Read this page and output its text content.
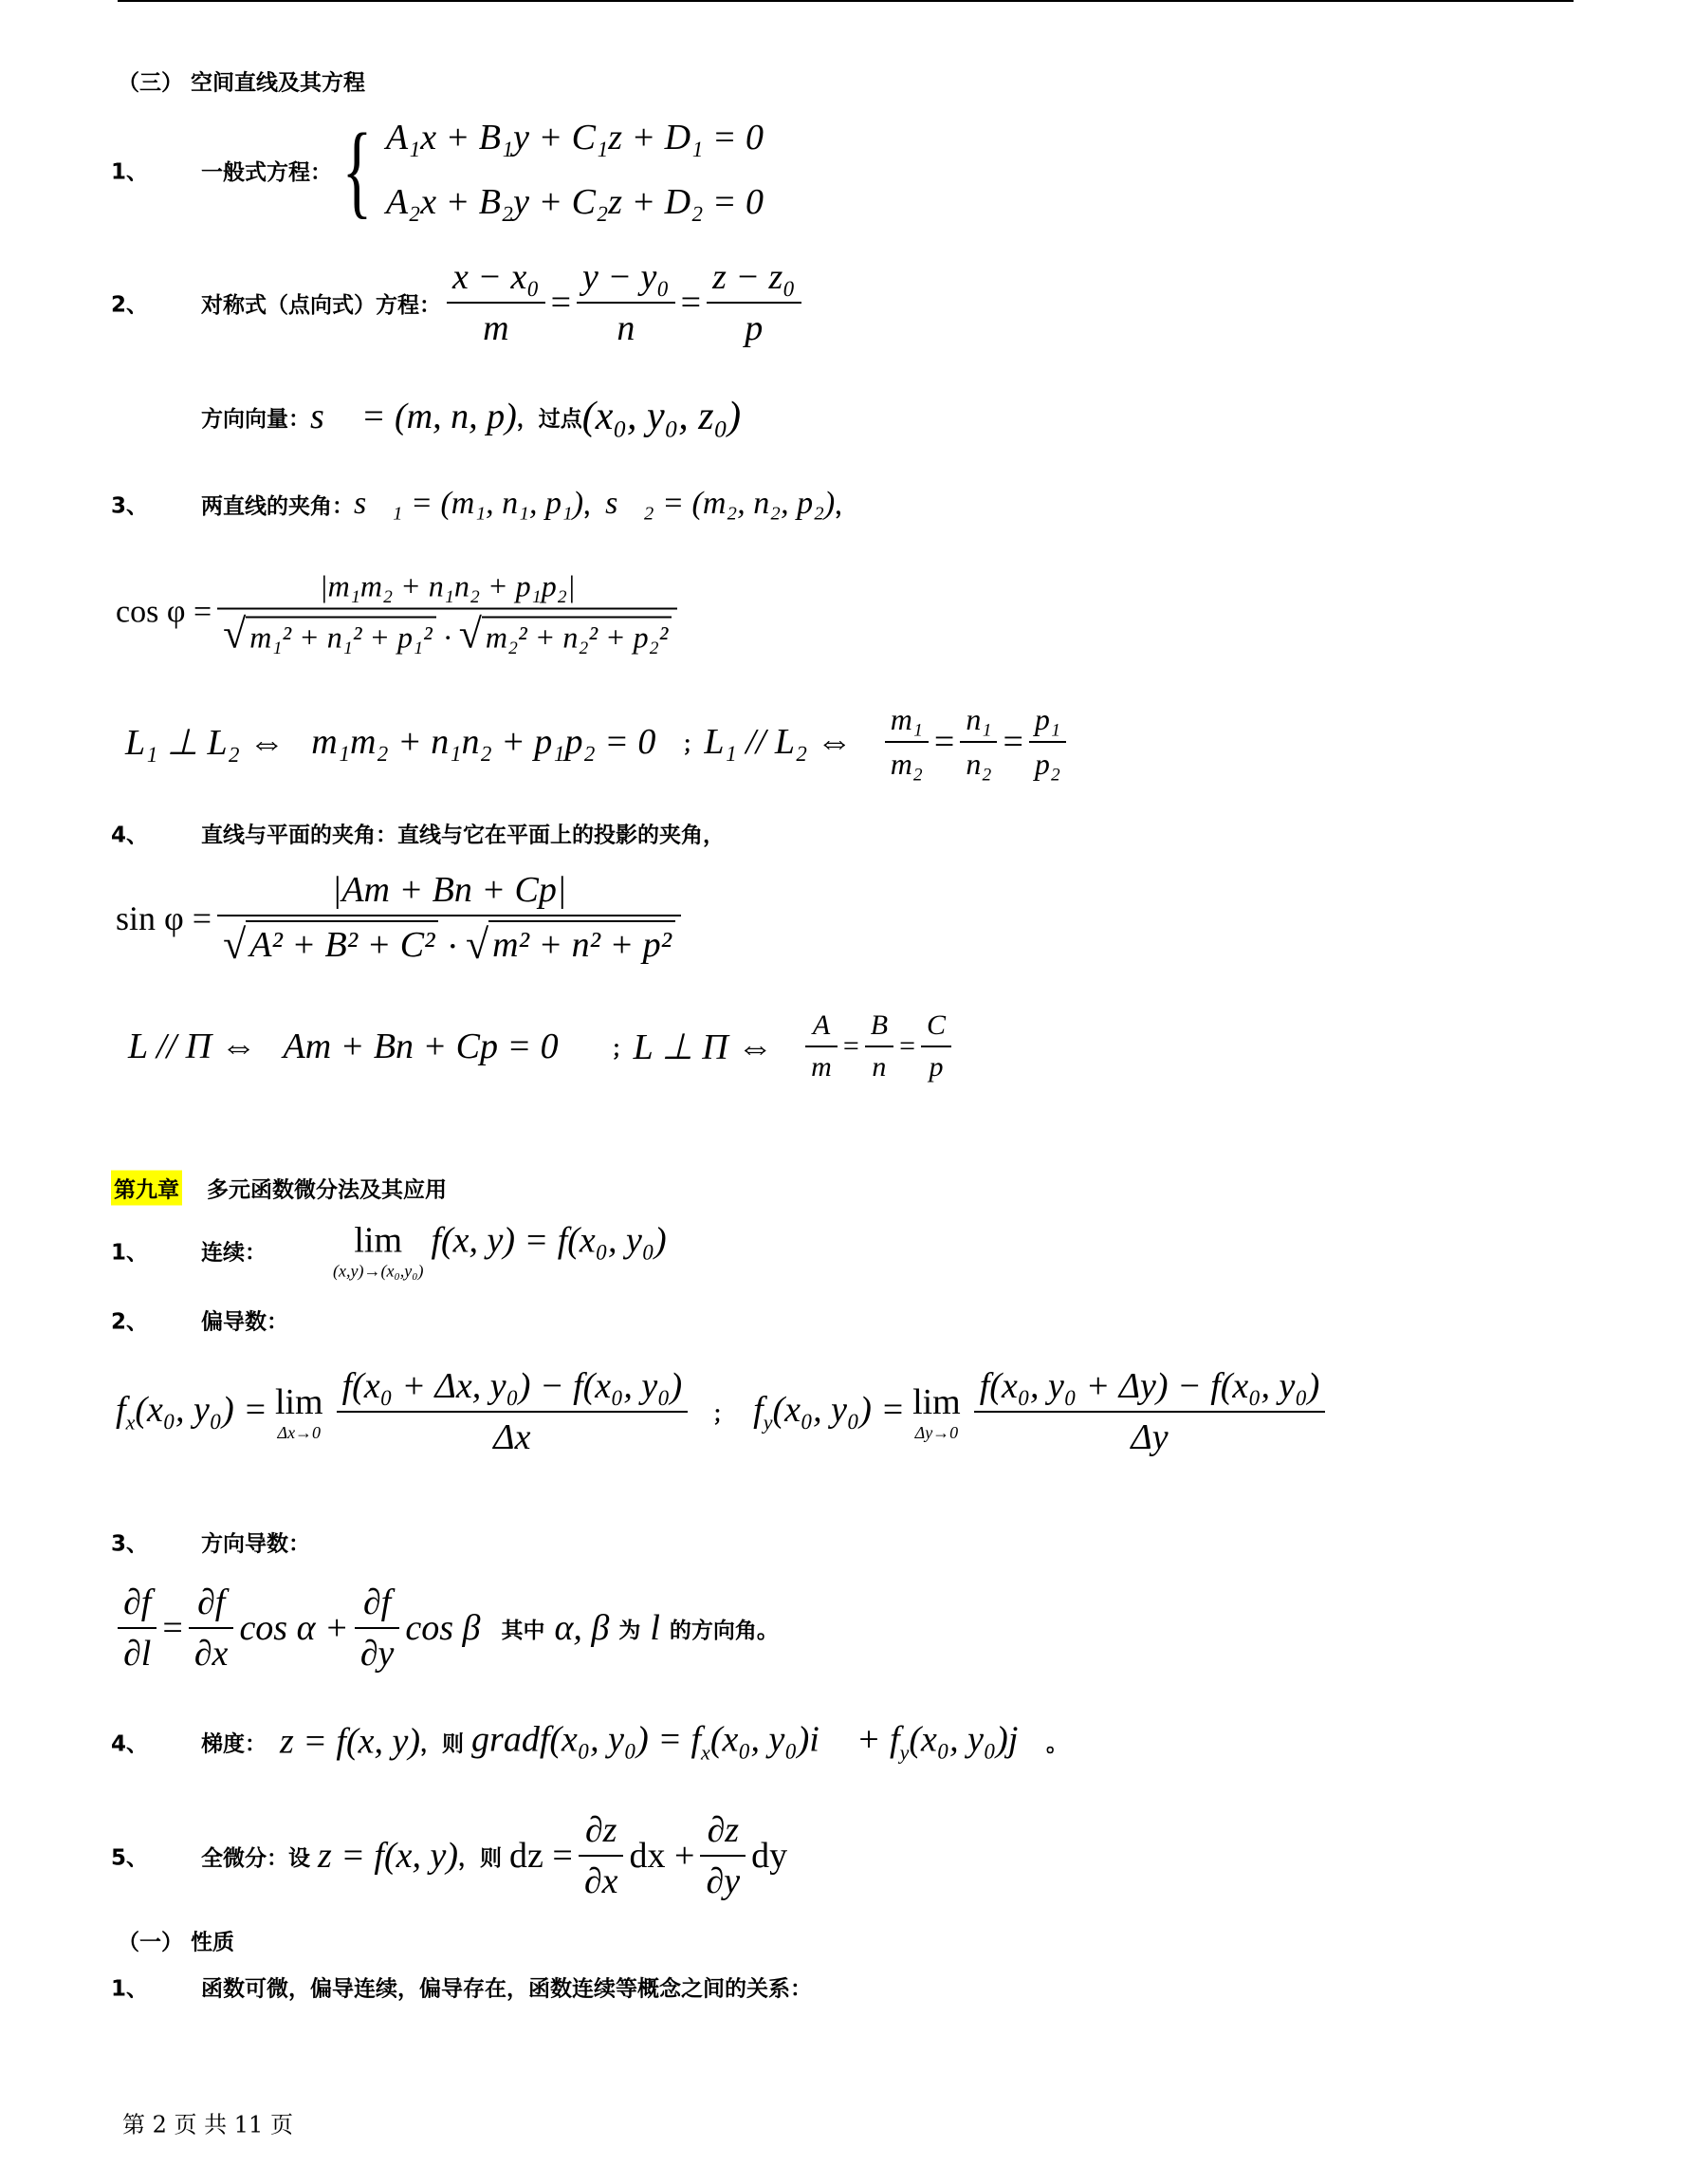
（三） 空间直线及其方程
1、 一般式方程： { A₁x + B₁y + C₁z + D₁ = 0
A₂x + B₂y + C₂z + D₂ = 0
2、 对称式（点向式）方程： $\frac{\text{x − x₀}}{m} = \frac{\text{y − y₀}}{n} = \frac{\text{z − z₀}}{p}$
方向向量： s⃗ = (m, n, p) ，过点 (x₀, y₀, z₀)
3、 两直线的夹角： s⃗₁ = (m₁, n₁, p₁) ， s⃗₂ = (m₂, n₂, p₂) ，
$\cos \varphi = \frac{\text{|m₁m₂ + n₁n₂ + p₁p₂|}}{\text{√ m₁² + n₁² + p₁² · √ m₂² + n₂² + p₂²}}$
L₁ ⊥ L₂ ⇔ m₁m₂ + n₁n₂ + p₁p₂ = 0 ； L₁ // L₂ ⇔ $\frac{\text{m₁}}{\text{m₂}} = \frac{\text{n₁}}{\text{n₂}} = \frac{\text{p₁}}{\text{p₂}}$
4、 直线与平面的夹角：直线与它在平面上的投影的夹角，
$\sin \varphi = \frac{|Am + Bn + Cp|}{\text{√ A² + B² + C² · √ m² + n² + p²}}$
L // Π ⇔ Am + Bn + Cp = 0 ； L ⊥ Π ⇔ $\frac{A}{m} = \frac{B}{n} = \frac{C}{p}$
第九章 多元函数微分法及其应用
1、 连续： lim
(x,y)→(x₀,y₀)
f(x, y) = f(x₀, y₀)
2、 偏导数：
$f_x(x_0$, y₀) = lim
$\Delta x\to 0 \frac{\text{f(x₀ + Δx, y₀) − f(x₀, y₀)}}{\Delta x}$ ； $f_y(x_0$, y₀) = lim
$\Delta y\to 0 \frac{\text{f(x₀, y₀ + Δy) − f(x₀, y₀)}}{\Delta y}$
3、 方向导数：
$\frac{\partial f}{\partial l} = \frac{\partial f}{\partial x}$ $\cos \alpha + \frac{\partial f}{\partial y}$ cos β 其中 α, β 为 l 的方向角。
4、 梯度： z = f(x, y) ，则 gradf(x₀, $y_0) = f_x(x_0$, y₀)i⃗ + $f_y(x_0$, y₀)j⃗ 。
5、 全微分：设 z = f(x, y) ，则 dz = $\frac{\partial z}{\partial x}$ dx + $\frac{\partial z}{\partial y}$ dy
（一） 性质
1、 函数可微，偏导连续，偏导存在，函数连续等概念之间的关系：
第 2 页 共 11 页
